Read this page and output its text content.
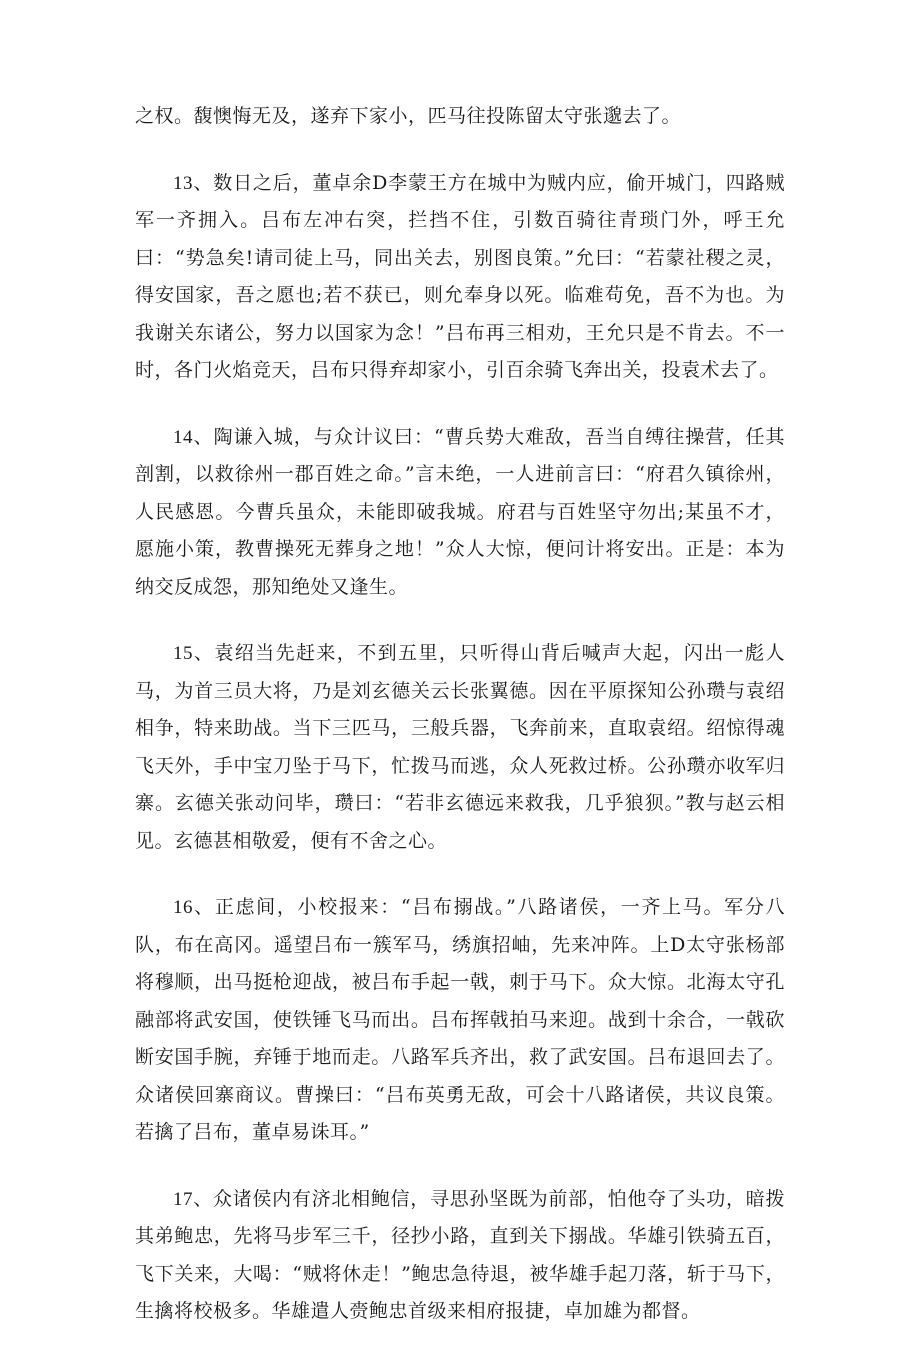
之权。馥懊悔无及，遂弃下家小，匹马往投陈留太守张邈去了。

13、数日之后，董卓余D李蒙王方在城中为贼内应，偷开城门，四路贼军一齐拥入。吕布左冲右突，拦挡不住，引数百骑往青琐门外，呼王允曰：“势急矣!请司徒上马，同出关去，别图良策。”允曰：“若蒙社稷之灵，得安国家，吾之愿也;若不获已，则允奉身以死。临难苟免，吾不为也。为我谢关东诸公，努力以国家为念！”吕布再三相劝，王允只是不肯去。不一时，各门火焰竞天，吕布只得弃却家小，引百余骑飞奔出关，投袁术去了。

14、陶谦入城，与众计议曰：“曹兵势大难敌，吾当自缚往操营，任其剖割，以救徐州一郡百姓之命。”言未绝，一人进前言曰：“府君久镇徐州，人民感恩。今曹兵虽众，未能即破我城。府君与百姓坚守勿出;某虽不才，愿施小策，教曹操死无葬身之地！”众人大惊，便问计将安出。正是：本为纳交反成怨，那知绝处又逢生。

15、袁绍当先赶来，不到五里，只听得山背后喊声大起，闪出一彪人马，为首三员大将，乃是刘玄德关云长张翼德。因在平原探知公孙瓒与袁绍相争，特来助战。当下三匹马，三般兵器，飞奔前来，直取袁绍。绍惊得魂飞天外，手中宝刀坠于马下，忙拨马而逃，众人死救过桥。公孙瓒亦收军归寨。玄德关张动问毕，瓒曰：“若非玄德远来救我，几乎狼狈。”教与赵云相见。玄德甚相敬爱，便有不舍之心。

16、正虑间，小校报来：“吕布搦战。”八路诸侯，一齐上马。军分八队，布在高冈。遥望吕布一簇军马，绣旗招岫，先来冲阵。上D太守张杨部将穆顺，出马挺枪迎战，被吕布手起一戟，刺于马下。众大惊。北海太守孔融部将武安国，使铁锤飞马而出。吕布挥戟拍马来迎。战到十余合，一戟砍断安国手腕，弃锤于地而走。八路军兵齐出，救了武安国。吕布退回去了。众诸侯回寨商议。曹操曰：“吕布英勇无敌，可会十八路诸侯，共议良策。若擒了吕布，董卓易诛耳。”

17、众诸侯内有济北相鲍信，寻思孙坚既为前部，怕他夺了头功，暗拨其弟鲍忠，先将马步军三千，径抄小路，直到关下搦战。华雄引铁骑五百，飞下关来，大喝：“贼将休走！”鲍忠急待退，被华雄手起刀落，斩于马下，生擒将校极多。华雄遣人赍鲍忠首级来相府报捷，卓加雄为都督。
